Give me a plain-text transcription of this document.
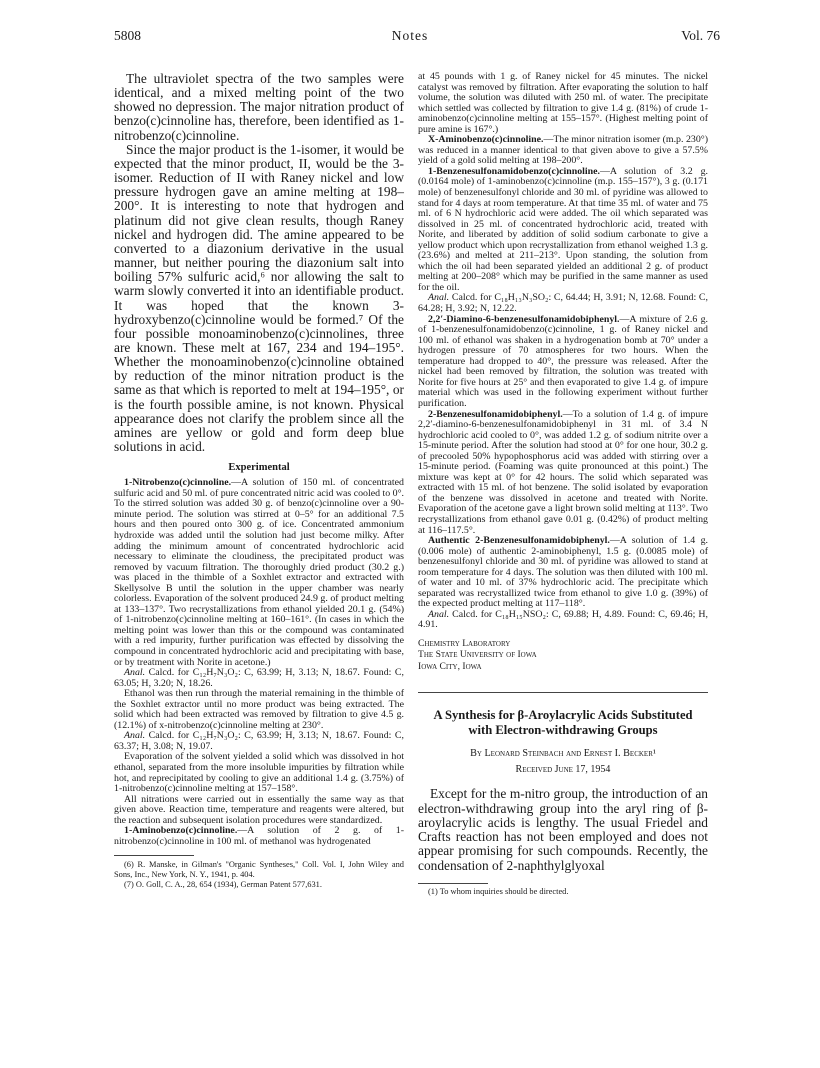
5808	Notes	Vol. 76

The ultraviolet spectra of the two samples were identical, and a mixed melting point of the two showed no depression. The major nitration product of benzo(c)cinnoline has, therefore, been identified as 1-nitrobenzo(c)cinnoline.

Since the major product is the 1-isomer, it would be expected that the minor product, II, would be the 3-isomer. Reduction of II with Raney nickel and low pressure hydrogen gave an amine melting at 198–200°. It is interesting to note that hydrogen and platinum did not give clean results, though Raney nickel and hydrogen did. The amine appeared to be converted to a diazonium derivative in the usual manner, but neither pouring the diazonium salt into boiling 57% sulfuric acid,⁶ nor allowing the salt to warm slowly converted it into an identifiable product. It was hoped that the known 3-hydroxybenzo(c)cinnoline would be formed.⁷ Of the four possible monoaminobenzo(c)cinnolines, three are known. These melt at 167, 234 and 194–195°. Whether the monoaminobenzo(c)cinnoline obtained by reduction of the minor nitration product is the same as that which is reported to melt at 194–195°, or is the fourth possible amine, is not known. Physical appearance does not clarify the problem since all the amines are yellow or gold and form deep blue solutions in acid.

Experimental

1-Nitrobenzo(c)cinnoline.—A solution of 150 ml. of concentrated sulfuric acid and 50 ml. of pure concentrated nitric acid was cooled to 0°. To the stirred solution was added 30 g. of benzo(c)cinnoline over a 90-minute period. The solution was stirred at 0–5° for an additional 7.5 hours and then poured onto 300 g. of ice. Concentrated ammonium hydroxide was added until the solution had just become milky. After adding the minimum amount of concentrated hydrochloric acid necessary to eliminate the cloudiness, the precipitated product was removed by vacuum filtration. The thoroughly dried product (30.2 g.) was placed in the thimble of a Soxhlet extractor and extracted with Skellysolve B until the solution in the upper chamber was nearly colorless. Evaporation of the solvent produced 24.9 g. of product melting at 133–137°. Two recrystallizations from ethanol yielded 20.1 g. (54%) of 1-nitrobenzo(c)cinnoline melting at 160–161°. (In cases in which the melting point was lower than this or the compound was contaminated with a red impurity, further purification was effected by dissolving the compound in concentrated hydrochloric acid and precipitating with base, or by treatment with Norite in acetone.)

Anal. Calcd. for C₁₂H₇N₃O₂: C, 63.99; H, 3.13; N, 18.67. Found: C, 63.05; H, 3.20; N, 18.26.

Ethanol was then run through the material remaining in the thimble of the Soxhlet extractor until no more product was being extracted. The solid which had been extracted was removed by filtration to give 4.5 g. (12.1%) of x-nitrobenzo(c)cinnoline melting at 230°.

Anal. Calcd. for C₁₂H₇N₃O₂: C, 63.99; H, 3.13; N, 18.67. Found: C, 63.37; H, 3.08; N, 19.07.

Evaporation of the solvent yielded a solid which was dissolved in hot ethanol, separated from the more insoluble impurities by filtration while hot, and reprecipitated by cooling to give an additional 1.4 g. (3.75%) of 1-nitrobenzo(c)cinnoline melting at 157–158°.

All nitrations were carried out in essentially the same way as that given above. Reaction time, temperature and reagents were altered, but the reaction and subsequent isolation procedures were standardized.

1-Aminobenzo(c)cinnoline.—A solution of 2 g. of 1-nitrobenzo(c)cinnoline in 100 ml. of methanol was hydrogenated

(6) R. Manske, in Gilman's "Organic Syntheses," Coll. Vol. I, John Wiley and Sons, Inc., New York, N. Y., 1941, p. 404.

(7) O. Goll, C. A., 28, 654 (1934), German Patent 577,631.

at 45 pounds with 1 g. of Raney nickel for 45 minutes. The nickel catalyst was removed by filtration. After evaporating the solution to half volume, the solution was diluted with 250 ml. of water. The precipitate which settled was collected by filtration to give 1.4 g. (81%) of crude 1-aminobenzo(c)cinnoline melting at 155–157°. (Highest melting point of pure amine is 167°.)

X-Aminobenzo(c)cinnoline.—The minor nitration isomer (m.p. 230°) was reduced in a manner identical to that given above to give a 57.5% yield of a gold solid melting at 198–200°.

1-Benzenesulfonamidobenzo(c)cinnoline.—A solution of 3.2 g. (0.0164 mole) of 1-aminobenzo(c)cinnoline (m.p. 155–157°), 3 g. (0.171 mole) of benzenesulfonyl chloride and 30 ml. of pyridine was allowed to stand for 4 days at room temperature. At that time 35 ml. of water and 75 ml. of 6 N hydrochloric acid were added. The oil which separated was dissolved in 25 ml. of concentrated hydrochloric acid, treated with Norite, and liberated by addition of solid sodium carbonate to give a yellow product which upon recrystallization from ethanol weighed 1.3 g. (23.6%) and melted at 211–213°. Upon standing, the solution from which the oil had been separated yielded an additional 2 g. of product melting at 200–208° which may be purified in the same manner as used for the oil.

Anal. Calcd. for C₁₈H₁₃N₃SO₂: C, 64.44; H, 3.91; N, 12.68. Found: C, 64.28; H, 3.92; N, 12.22.

2,2′-Diamino-6-benzenesulfonamidobiphenyl.—A mixture of 2.6 g. of 1-benzenesulfonamidobenzo(c)cinnoline, 1 g. of Raney nickel and 100 ml. of ethanol was shaken in a hydrogenation bomb at 70° under a hydrogen pressure of 70 atmospheres for two hours. When the temperature had dropped to 40°, the pressure was released. After the nickel had been removed by filtration, the solution was treated with Norite for five hours at 25° and then evaporated to give 1.4 g. of impure material which was used in the following experiment without further purification.

2-Benzenesulfonamidobiphenyl.—To a solution of 1.4 g. of impure 2,2′-diamino-6-benzenesulfonamidobiphenyl in 31 ml. of 3.4 N hydrochloric acid cooled to 0°, was added 1.2 g. of sodium nitrite over a 15-minute period. After the solution had stood at 0° for one hour, 30.2 g. of precooled 50% hypophosphorus acid was added with stirring over a 15-minute period. (Foaming was quite pronounced at this point.) The mixture was kept at 0° for 42 hours. The solid which separated was extracted with 15 ml. of hot benzene. The solid isolated by evaporation of the benzene was dissolved in acetone and treated with Norite. Evaporation of the acetone gave a light brown solid melting at 113°. Two recrystallizations from ethanol gave 0.01 g. (0.42%) of product melting at 116–117.5°.

Authentic 2-Benzenesulfonamidobiphenyl.—A solution of 1.4 g. (0.006 mole) of authentic 2-aminobiphenyl, 1.5 g. (0.0085 mole) of benzenesulfonyl chloride and 30 ml. of pyridine was allowed to stand at room temperature for 4 days. The solution was then diluted with 100 ml. of water and 10 ml. of 37% hydrochloric acid. The precipitate which separated was recrystallized twice from ethanol to give 1.0 g. (39%) of the expected product melting at 117–118°.

Anal. Calcd. for C₁₈H₁₅NSO₂: C, 69.88; H, 4.89. Found: C, 69.46; H, 4.91.

Chemistry Laboratory
The State University of Iowa
Iowa City, Iowa
A Synthesis for β-Aroylacrylic Acids Substituted with Electron-withdrawing Groups
By Leonard Steinbach and Ernest I. Becker¹
Received June 17, 1954

Except for the m-nitro group, the introduction of an electron-withdrawing group into the aryl ring of β-aroylacrylic acids is lengthy. The usual Friedel and Crafts reaction has not been employed and does not appear promising for such compounds. Recently, the condensation of 2-naphthylglyoxal

(1) To whom inquiries should be directed.
